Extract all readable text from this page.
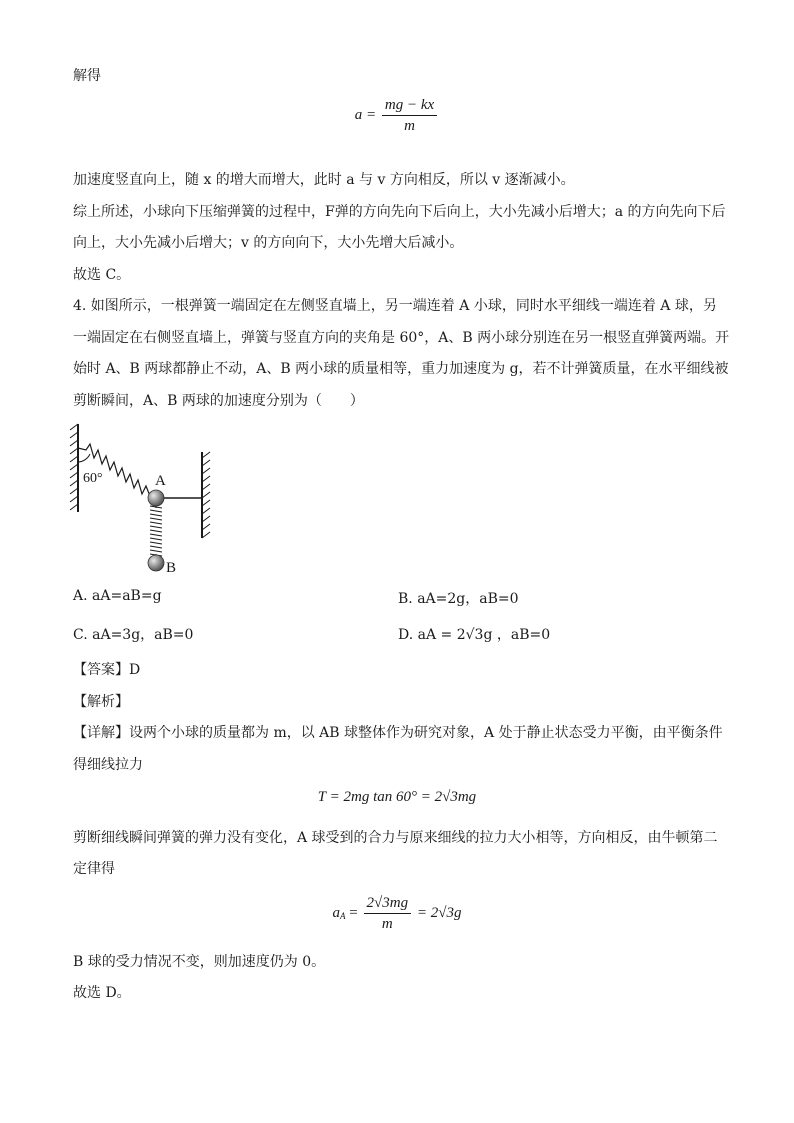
解得
$a = \frac{mg - kx}{m}$
加速度竖直向上，随 x 的增大而增大，此时 a 与 v 方向相反，所以 v 逐渐减小。
综上所述，小球向下压缩弹簧的过程中，F弹的方向先向下后向上，大小先减小后增大；a 的方向先向下后
向上，大小先减小后增大；v 的方向向下，大小先增大后减小。
故选 C。
4. 如图所示，一根弹簧一端固定在左侧竖直墙上，另一端连着 A 小球，同时水平细线一端连着 A 球，另
一端固定在右侧竖直墙上，弹簧与竖直方向的夹角是 60°，A、B 两小球分别连在另一根竖直弹簧两端。开
始时 A、B 两球都静止不动，A、B 两小球的质量相等，重力加速度为 g，若不计弹簧质量，在水平细线被
剪断瞬间，A、B 两球的加速度分别为（　　）
60°	A
B
A. aA=aB=g	B. aA=2g，aB=0
C. aA=3g，aB=0	D. aA = 2√3g ，aB=0
【答案】D
【解析】
【详解】设两个小球的质量都为 m，以 AB 球整体作为研究对象，A 处于静止状态受力平衡，由平衡条件
得细线拉力
T = 2mg tan 60° = 2√3mg
剪断细线瞬间弹簧的弹力没有变化，A 球受到的合力与原来细线的拉力大小相等，方向相反，由牛顿第二
定律得
$a_A = \frac{2√3mg}{m} = 2√3g$
B 球的受力情况不变，则加速度仍为 0。
故选 D。
